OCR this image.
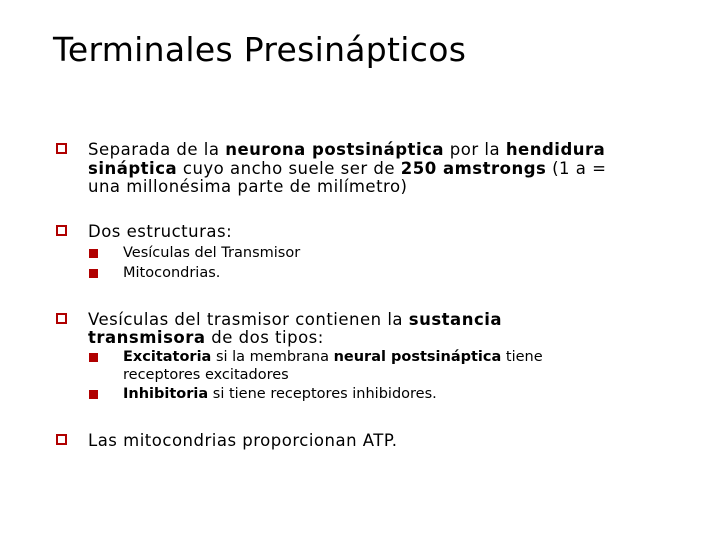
Terminales Presinápticos
Separada de la neurona postsináptica por la hendidura
sináptica cuyo ancho suele ser de 250 amstrongs (1 a =
una millonésima parte de milímetro)
Dos estructuras:
Vesículas del Transmisor
Mitocondrias.
Vesículas del trasmisor contienen la sustancia
transmisora de dos tipos:
Excitatoria si la membrana neural postsináptica tiene
receptores excitadores
Inhibitoria si tiene receptores inhibidores.
Las mitocondrias proporcionan ATP.
